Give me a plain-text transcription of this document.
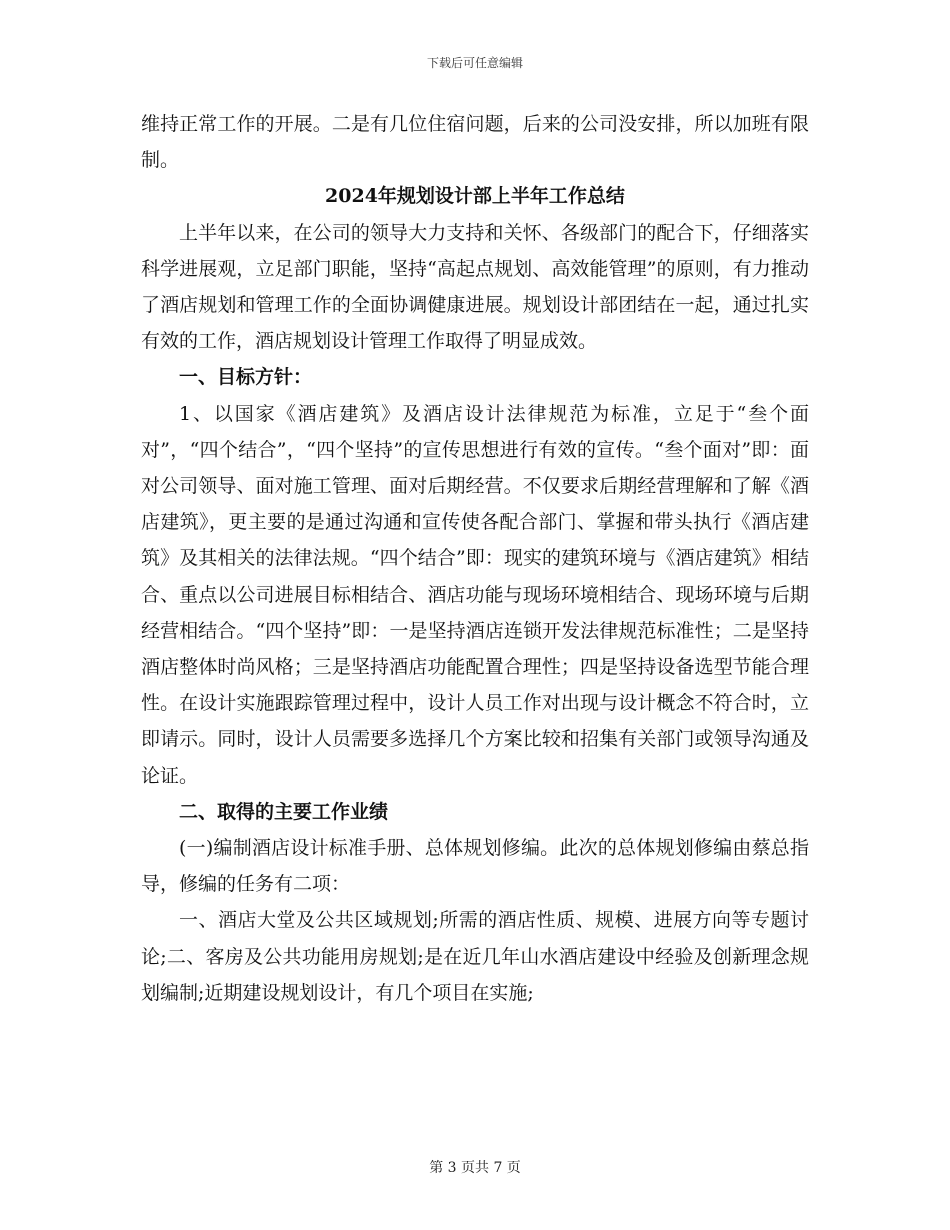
下载后可任意编辑

维持正常工作的开展。二是有几位住宿问题，后来的公司没安排，所以加班有限制。

2024年规划设计部上半年工作总结

上半年以来，在公司的领导大力支持和关怀、各级部门的配合下，仔细落实科学进展观，立足部门职能，坚持“高起点规划、高效能管理”的原则，有力推动了酒店规划和管理工作的全面协调健康进展。规划设计部团结在一起，通过扎实有效的工作，酒店规划设计管理工作取得了明显成效。

一、目标方针：

1、以国家《酒店建筑》及酒店设计法律规范为标准，立足于“叁个面对”，“四个结合”，“四个坚持”的宣传思想进行有效的宣传。“叁个面对”即：面对公司领导、面对施工管理、面对后期经营。不仅要求后期经营理解和了解《酒店建筑》，更主要的是通过沟通和宣传使各配合部门、掌握和带头执行《酒店建筑》及其相关的法律法规。“四个结合”即：现实的建筑环境与《酒店建筑》相结合、重点以公司进展目标相结合、酒店功能与现场环境相结合、现场环境与后期经营相结合。“四个坚持”即：一是坚持酒店连锁开发法律规范标准性；二是坚持酒店整体时尚风格；三是坚持酒店功能配置合理性；四是坚持设备选型节能合理性。在设计实施跟踪管理过程中，设计人员工作对出现与设计概念不符合时，立即请示。同时，设计人员需要多选择几个方案比较和招集有关部门或领导沟通及论证。

二、取得的主要工作业绩

(一)编制酒店设计标准手册、总体规划修编。此次的总体规划修编由蔡总指导，修编的任务有二项：

一、酒店大堂及公共区域规划;所需的酒店性质、规模、进展方向等专题讨论;二、客房及公共功能用房规划;是在近几年山水酒店建设中经验及创新理念规划编制;近期建设规划设计，有几个项目在实施;

第 3 页共 7 页
